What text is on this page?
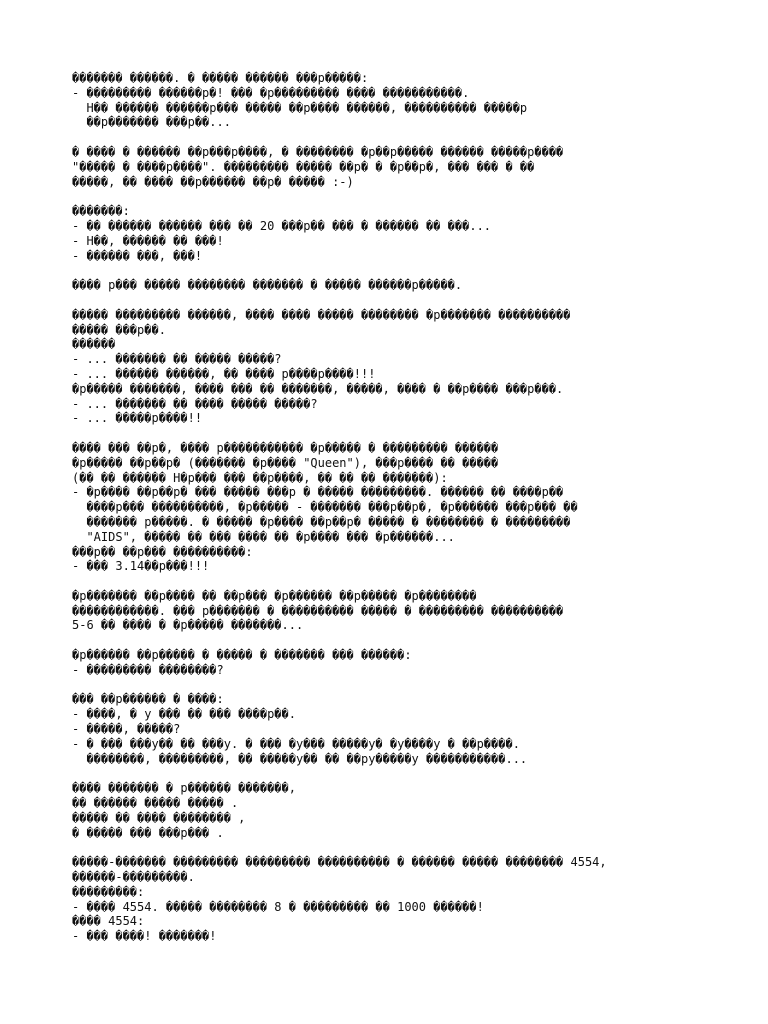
������� ������. � ����� ������ ���p�����:
- ��������� ������p�! ��� �p��������� ���� �����������.
H�� ������ ������p��� ����� ��p���� ������, ���������� �����p
��p������� ���p��...
� ���� � ������ ��p���p����, � �������� �p��p����� ������ �����p����
"����� � ����p����". ��������� ����� ��p� � �p��p�, ��� ��� � ��
�����, �� ���� ��p������ ��p� ����� :-)
�������:
- �� ������ ������ ��� �� 20 ���p�� ��� � ������ �� ���...
- H��, ������ �� ���!
- ������ ���, ���!
���� p��� ����� �������� ������� � ����� ������p�����.
����� ��������� ������, ���� ���� ����� �������� �p������� ����������
����� ���p��.
������
- ... ������� �� ����� �����?
- ... ������ ������, �� ���� p����p����!!!
�p����� �������, ���� ��� �� �������, �����, ���� � ��p���� ���p���.
- ... ������� �� ���� ����� �����?
- ... �����p����!!
���� ��� ��p�, ���� p����������� �p����� � ��������� ������
�p����� ��p��p� (������� �p���� "Queen"), ���p���� �� �����
(�� �� ������ H�p��� ��� ��p����, �� �� �� �������):
- �p���� ��p��p� ��� ����� ���p � ����� ���������. ������ �� ����p��
����p��� ����������, �p����� - ������� ���p��p�, �p������ ���p��� ��
������� p�����. � ����� �p���� ��p��p� ����� � �������� � ���������
"AIDS", ����� �� ��� ���� �� �p���� ��� �p������...
���p�� ��p��� ����������:
- ��� 3.14��p���!!!
�p������� ��p���� �� ��p��� �p������ ��p����� �p��������
������������. ��� p������� � ���������� ����� � ��������� ����������
5-6 �� ���� � �p����� �������...
�p������ ��p����� � ����� � ������� ��� ������:
- ��������� ��������?
��� ��p������ � ����:
- ����, � y ��� �� ��� ����p��.
- �����, �����?
- � ��� ���y�� �� ���y. � ��� �y��� �����y� �y����y � ��p����.
��������, ���������, �� �����y�� �� ��py�����y �����������...
���� ������� � p������ �������,
�� ������ ����� ����� .
����� �� ���� �������� ,
� ����� ��� ���p��� .
�����-������� ��������� ��������� ���������� � ������ ����� �������� 4554,
������-���������.
���������:
- ���� 4554. ����� �������� 8 � ��������� �� 1000 ������!
���� 4554:
- ��� ����! �������!
